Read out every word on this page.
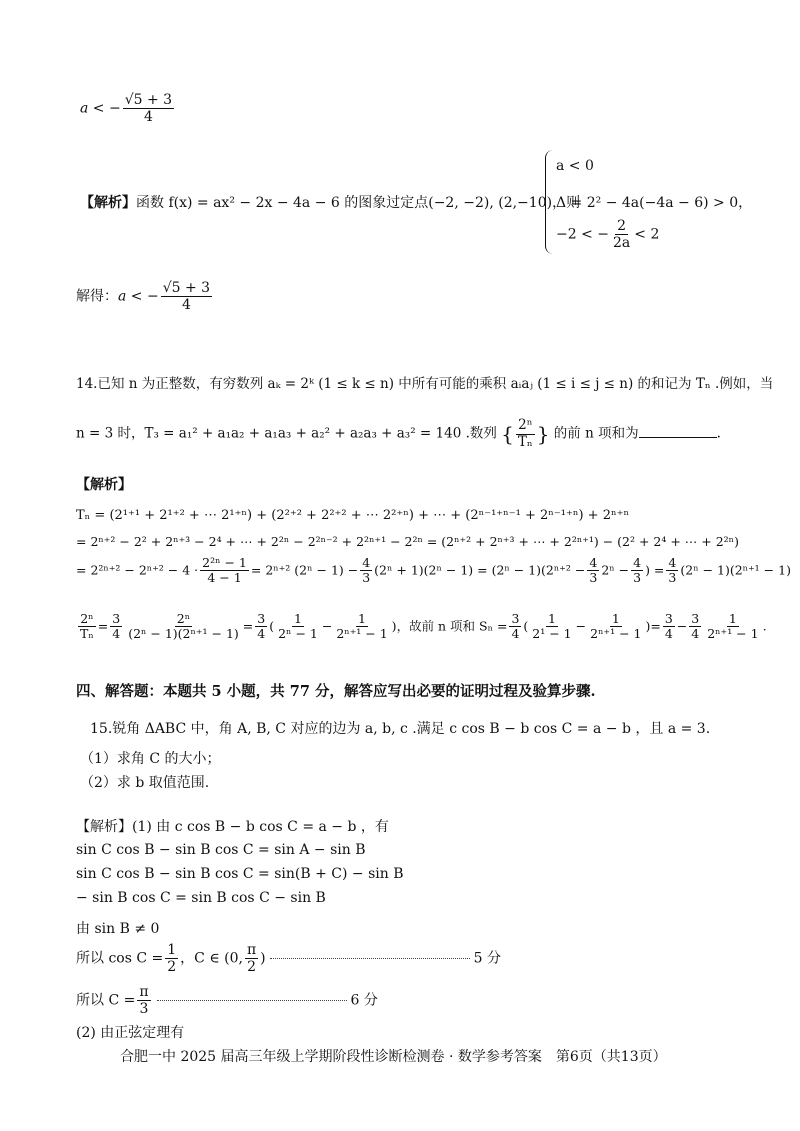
a < − $\frac{√5 + 3}{4}$
【解析】函数 f(x) = ax² − 2x − 4a − 6 的图象过定点(−2, −2), (2,−10)，则
a < 0
Δ = 2² − 4a(−4a − 6) > 0，
−2 < − $\frac{2}{2a} < 2$
解得：a < − $\frac{√5 + 3}{4}$
14.已知 n 为正整数，有穷数列 aₖ = 2ᵏ (1 ≤ k ≤ n) 中所有可能的乘积 aᵢaⱼ (1 ≤ i ≤ j ≤ n) 的和记为 Tₙ .例如，当
n = 3 时，T₃ = a₁² + a₁a₂ + a₁a₃ + a₂² + a₂a₃ + a₃² = 140 .数列 { $\frac{\text{2ⁿ}}{\text{Tₙ}}$ } 的前 n 项和为	.
【解析】
Tₙ = (2¹⁺¹ + 2¹⁺² + ⋯ 2¹⁺ⁿ) + (2²⁺² + 2²⁺² + ⋯ 2²⁺ⁿ) + ⋯ + (2ⁿ⁻¹⁺ⁿ⁻¹ + 2ⁿ⁻¹⁺ⁿ) + 2ⁿ⁺ⁿ
= 2ⁿ⁺² − 2² + 2ⁿ⁺³ − 2⁴ + ⋯ + 2²ⁿ − 2²ⁿ⁻² + 2²ⁿ⁺¹ − 2²ⁿ = (2ⁿ⁺² + 2ⁿ⁺³ + ⋯ + 2²ⁿ⁺¹) − (2² + 2⁴ + ⋯ + 2²ⁿ)
= $2^{2n+2} - 2^{n+2} - 4 \cdot \frac{\text{2²ⁿ − 1}}{4 - 1} = 2^{n+2}$ $(2^n - 1) - \frac{4}{3} (2^n + 1)(2^n - 1) = (2^n - 1)(2^{n+2} - \frac{4}{3} 2^n - \frac{4}{3}$ ) = $\frac{4}{3} (2^n - 1)(2^{n+1} - 1)$
$\frac{\text{2ⁿ}}{\text{Tₙ}} = \frac{3}{4} \frac{\text{2ⁿ}}{\text{(2ⁿ − 1)(2ⁿ⁺¹ − 1)}} = \frac{3}{4}$ ( $\frac{1}{\text{2ⁿ − 1}} - \frac{1}{\text{2ⁿ⁺¹ − 1}}$ )，故前 n 项和 $S_n = \frac{3}{4}$ ( $\frac{1}{\text{2¹ − 1}} - \frac{1}{\text{2ⁿ⁺¹ − 1}}$ )= $\frac{3}{4} - \frac{3}{4} \frac{1}{\text{2ⁿ⁺¹ − 1}}$ .
四、解答题：本题共 5 小题，共 77 分，解答应写出必要的证明过程及验算步骤.
15.锐角 ΔABC 中，角 A, B, C 对应的边为 a, b, c .满足 c cos B − b cos C = a − b ，且 a = 3.
（1）求角 C 的大小；
（2）求 b 取值范围.
【解析】(1) 由 c cos B − b cos C = a − b ，有
sin C cos B − sin B cos C = sin A − sin B
sin C cos B − sin B cos C = sin(B + C) − sin B
− sin B cos C = sin B cos C − sin B
由 sin B ≠ 0
所以 $\cos C = \frac{1}{2}$ ，C ∈ (0, $\frac{\pi}{2}$ )	5 分
所以 $C = \frac{\pi}{3}$	6 分
(2) 由正弦定理有
合肥一中 2025 届高三年级上学期阶段性诊断检测卷 · 数学参考答案　第6页（共13页）
